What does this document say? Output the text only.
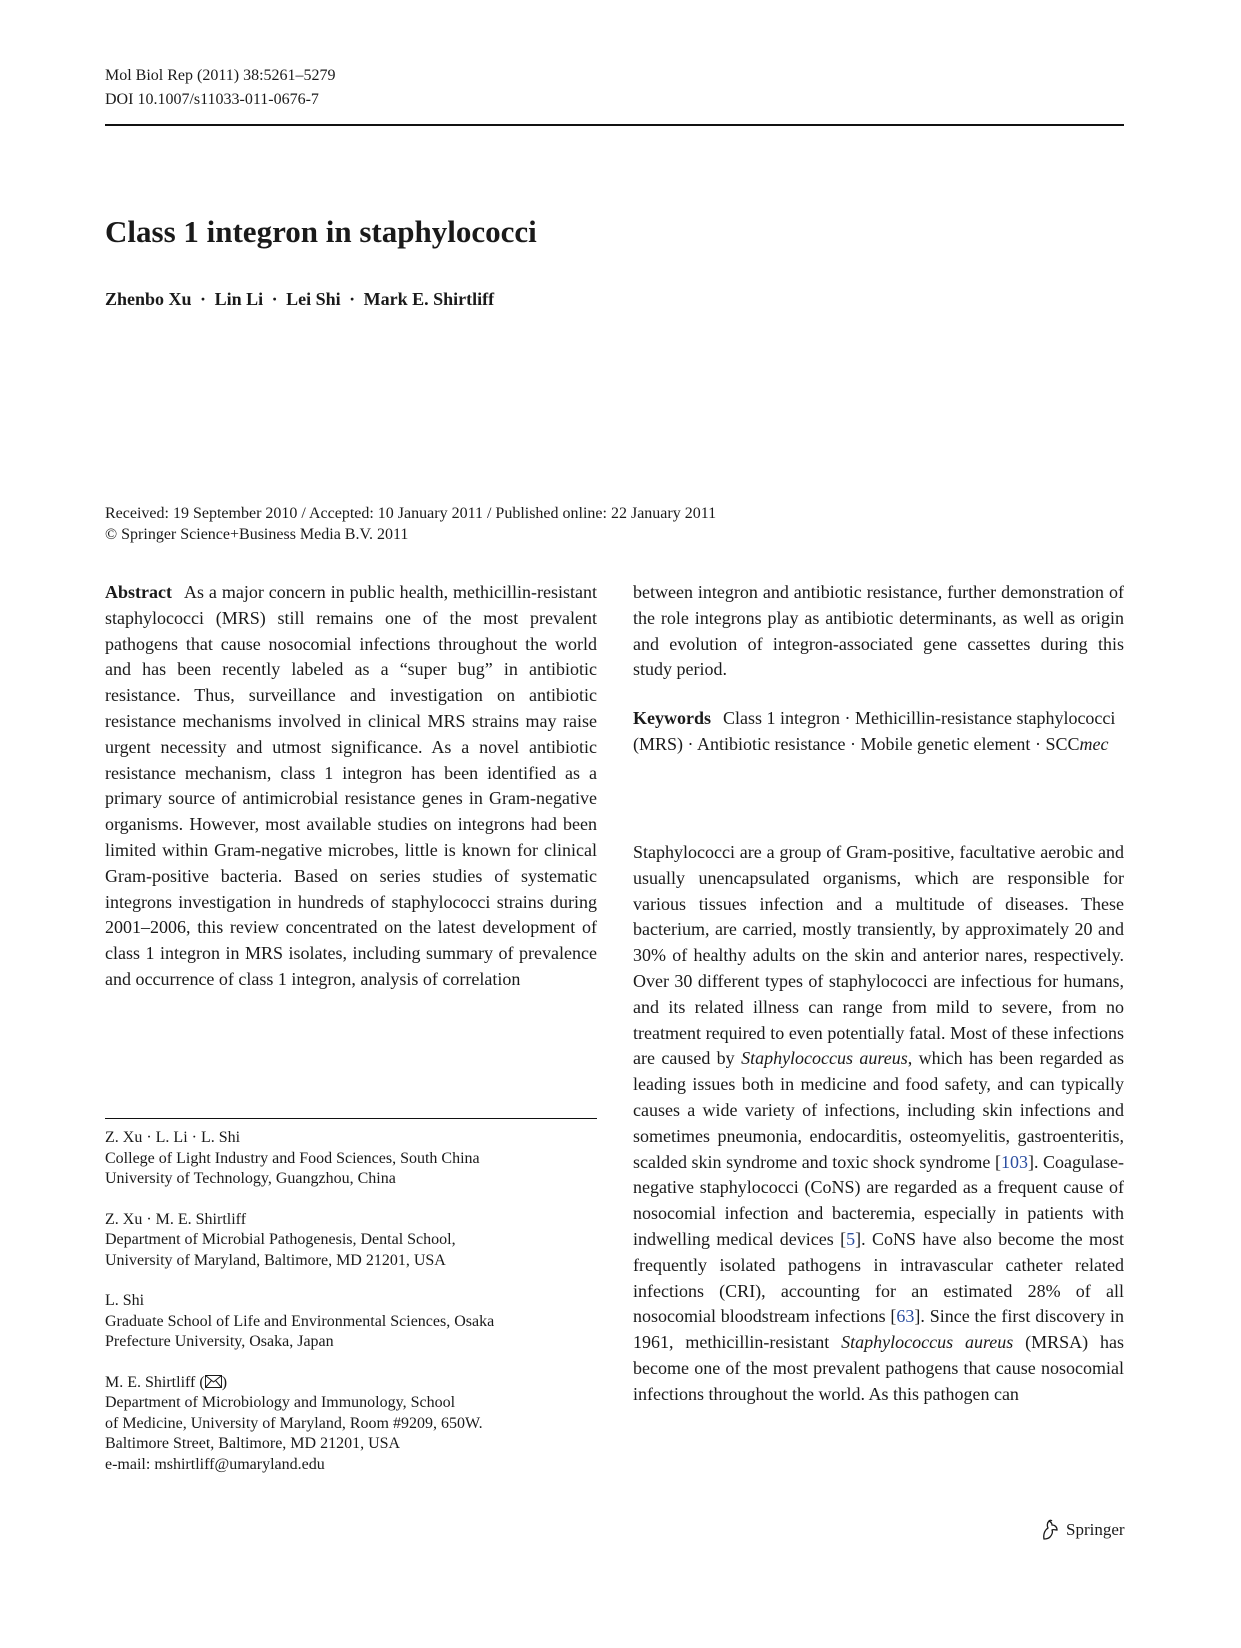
Mol Biol Rep (2011) 38:5261–5279
DOI 10.1007/s11033-011-0676-7
Class 1 integron in staphylococci
Zhenbo Xu · Lin Li · Lei Shi · Mark E. Shirtliff
Received: 19 September 2010 / Accepted: 10 January 2011 / Published online: 22 January 2011
© Springer Science+Business Media B.V. 2011
Abstract As a major concern in public health, methicillin-resistant staphylococci (MRS) still remains one of the most prevalent pathogens that cause nosocomial infections throughout the world and has been recently labeled as a “super bug” in antibiotic resistance. Thus, surveillance and investigation on antibiotic resistance mechanisms involved in clinical MRS strains may raise urgent necessity and utmost significance. As a novel antibiotic resistance mechanism, class 1 integron has been identified as a primary source of antimicrobial resistance genes in Gram-negative organisms. However, most available studies on integrons had been limited within Gram-negative microbes, little is known for clinical Gram-positive bacteria. Based on series studies of systematic integrons investigation in hundreds of staphylococci strains during 2001–2006, this review concentrated on the latest development of class 1 integron in MRS isolates, including summary of prevalence and occurrence of class 1 integron, analysis of correlation
between integron and antibiotic resistance, further demonstration of the role integrons play as antibiotic determinants, as well as origin and evolution of integron-associated gene cassettes during this study period.
Keywords Class 1 integron · Methicillin-resistance staphylococci (MRS) · Antibiotic resistance · Mobile genetic element · SCCmec
Staphylococci are a group of Gram-positive, facultative aerobic and usually unencapsulated organisms, which are responsible for various tissues infection and a multitude of diseases. These bacterium, are carried, mostly transiently, by approximately 20 and 30% of healthy adults on the skin and anterior nares, respectively. Over 30 different types of staphylococci are infectious for humans, and its related illness can range from mild to severe, from no treatment required to even potentially fatal. Most of these infections are caused by Staphylococcus aureus, which has been regarded as leading issues both in medicine and food safety, and can typically causes a wide variety of infections, including skin infections and sometimes pneumonia, endocarditis, osteomyelitis, gastroenteritis, scalded skin syndrome and toxic shock syndrome [103]. Coagulase-negative staphylococci (CoNS) are regarded as a frequent cause of nosocomial infection and bacteremia, especially in patients with indwelling medical devices [5]. CoNS have also become the most frequently isolated pathogens in intravascular catheter related infections (CRI), accounting for an estimated 28% of all nosocomial bloodstream infections [63]. Since the first discovery in 1961, methicillin-resistant Staphylococcus aureus (MRSA) has become one of the most prevalent pathogens that cause nosocomial infections throughout the world. As this pathogen can
Z. Xu · L. Li · L. Shi
College of Light Industry and Food Sciences, South China
University of Technology, Guangzhou, China
Z. Xu · M. E. Shirtliff
Department of Microbial Pathogenesis, Dental School,
University of Maryland, Baltimore, MD 21201, USA
L. Shi
Graduate School of Life and Environmental Sciences, Osaka
Prefecture University, Osaka, Japan
M. E. Shirtliff ( )
Department of Microbiology and Immunology, School
of Medicine, University of Maryland, Room #9209, 650W.
Baltimore Street, Baltimore, MD 21201, USA
e-mail: mshirtliff@umaryland.edu
Springer
